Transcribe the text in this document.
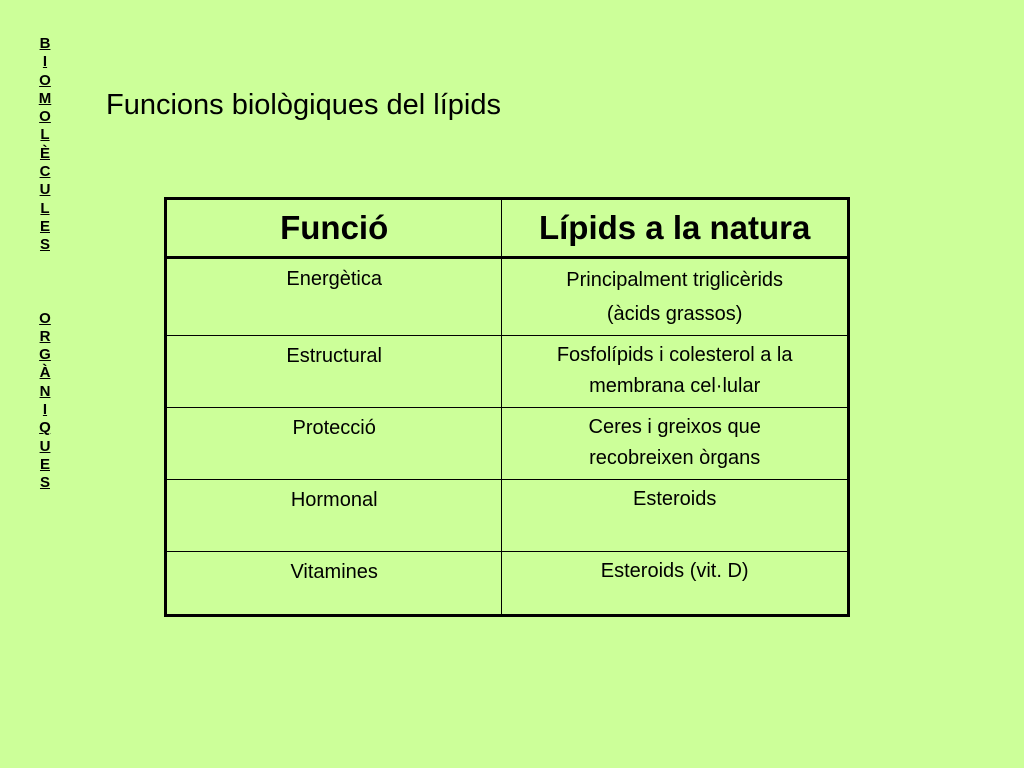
B
I
O
M
O
L
È
C
U
L
E
S
O
R
G
À
N
I
Q
U
E
S
Funcions biològiques del lípids
Funció	Lípids a la natura
Energètica	Principalment triglicèrids
(àcids grassos)

Estructural	Fosfolípids i colesterol a la
membrana cel·lular

Protecció	Ceres i greixos que
recobreixen òrgans

Hormonal	Esteroids

Vitamines	Esteroids (vit. D)
